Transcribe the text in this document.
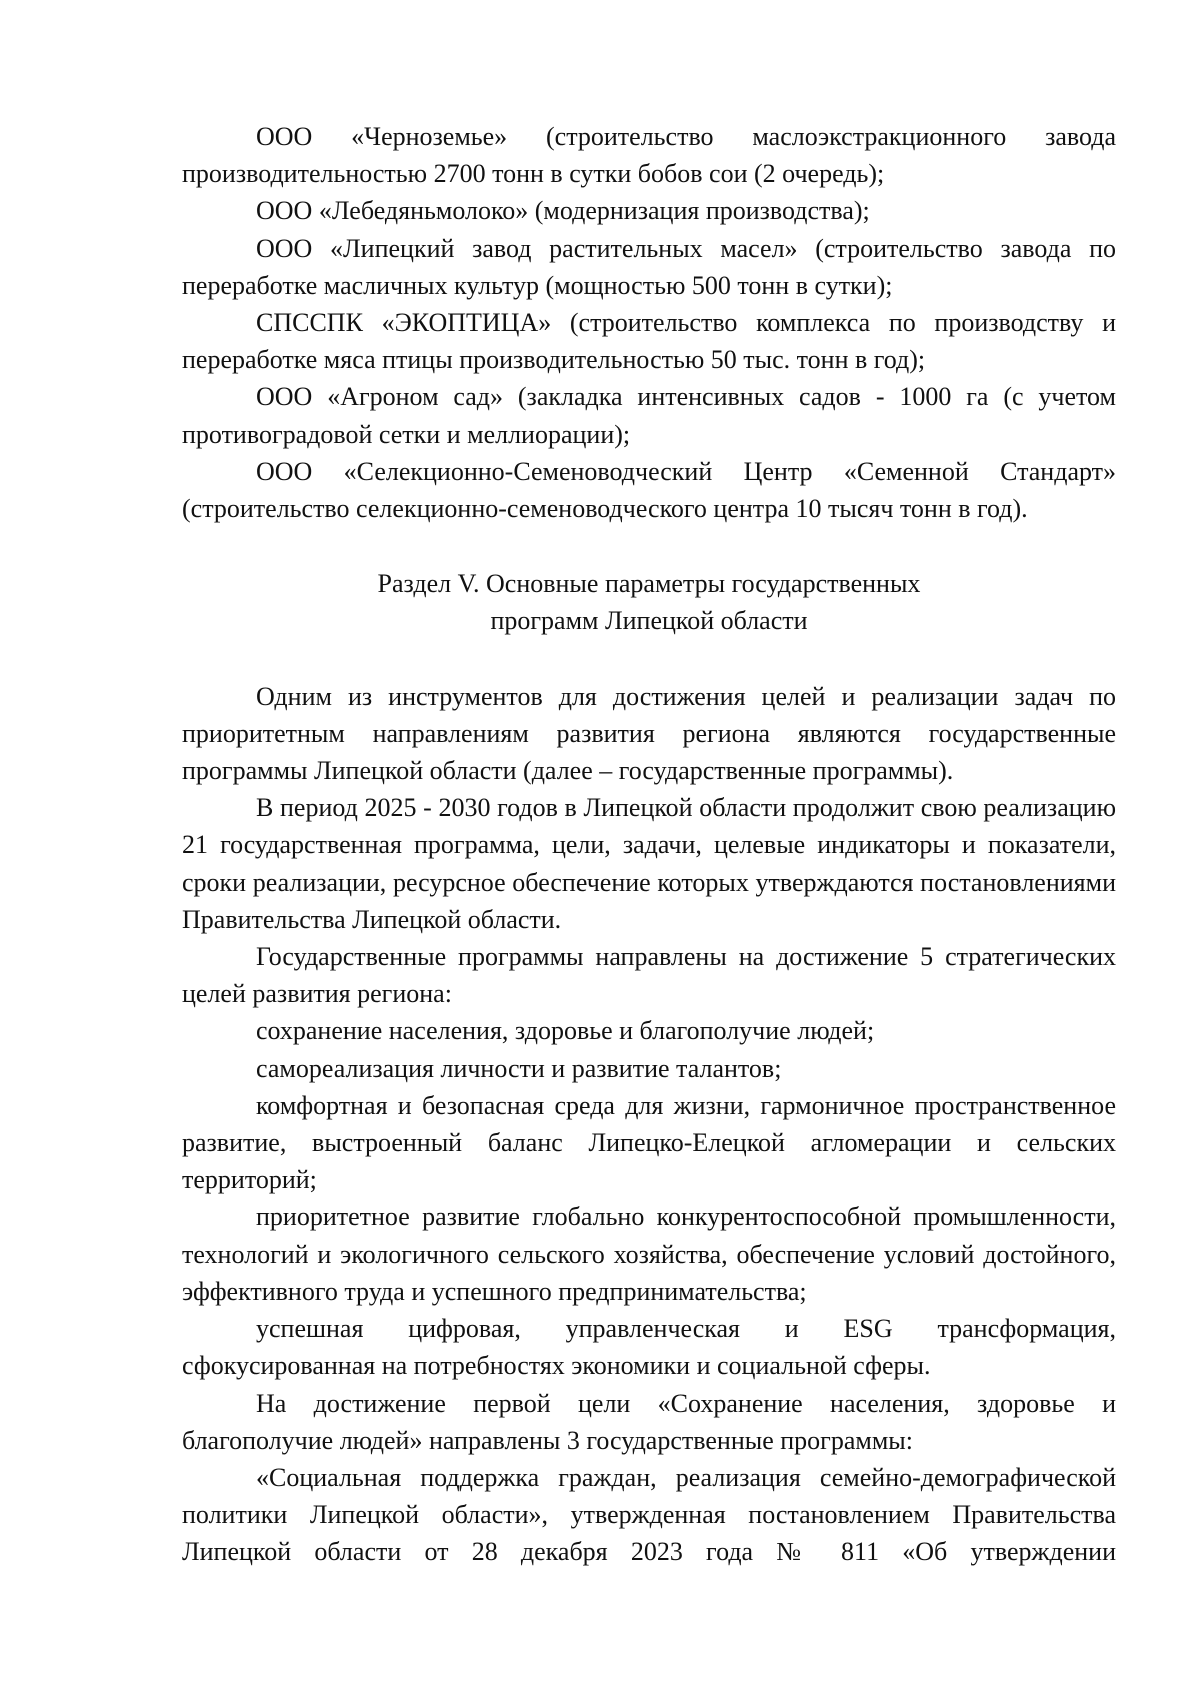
ООО «Черноземье» (строительство маслоэкстракционного завода производительностью 2700 тонн в сутки бобов сои (2 очередь);

ООО «Лебедяньмолоко» (модернизация производства);

ООО «Липецкий завод растительных масел» (строительство завода по переработке масличных культур (мощностью 500 тонн в сутки);

СПССПК «ЭКОПТИЦА» (строительство комплекса по производству и переработке мяса птицы производительностью 50 тыс. тонн в год);

ООО «Агроном сад» (закладка интенсивных садов - 1000 га (с учетом противоградовой сетки и меллиорации);

ООО «Селекционно-Семеноводческий Центр «Семенной Стандарт» (строительство селекционно-семеноводческого центра 10 тысяч тонн в год).

Раздел V. Основные параметры государственных
программ Липецкой области

Одним из инструментов для достижения целей и реализации задач по приоритетным направлениям развития региона являются государственные программы Липецкой области (далее – государственные программы).

В период 2025 - 2030 годов в Липецкой области продолжит свою реализацию 21 государственная программа, цели, задачи, целевые индикаторы и показатели, сроки реализации, ресурсное обеспечение которых утверждаются постановлениями Правительства Липецкой области.

Государственные программы направлены на достижение 5 стратегических целей развития региона:

сохранение населения, здоровье и благополучие людей;

самореализация личности и развитие талантов;

комфортная и безопасная среда для жизни, гармоничное пространственное развитие, выстроенный баланс Липецко-Елецкой агломерации и сельских территорий;

приоритетное развитие глобально конкурентоспособной промышленности, технологий и экологичного сельского хозяйства, обеспечение условий достойного, эффективного труда и успешного предпринимательства;

успешная цифровая, управленческая и ESG трансформация, сфокусированная на потребностях экономики и социальной сферы.

На достижение первой цели «Сохранение населения, здоровье и благополучие людей» направлены 3 государственные программы:

«Социальная поддержка граждан, реализация семейно-демографической политики Липецкой области», утвержденная постановлением Правительства Липецкой области от 28 декабря 2023 года № 811 «Об утверждении
